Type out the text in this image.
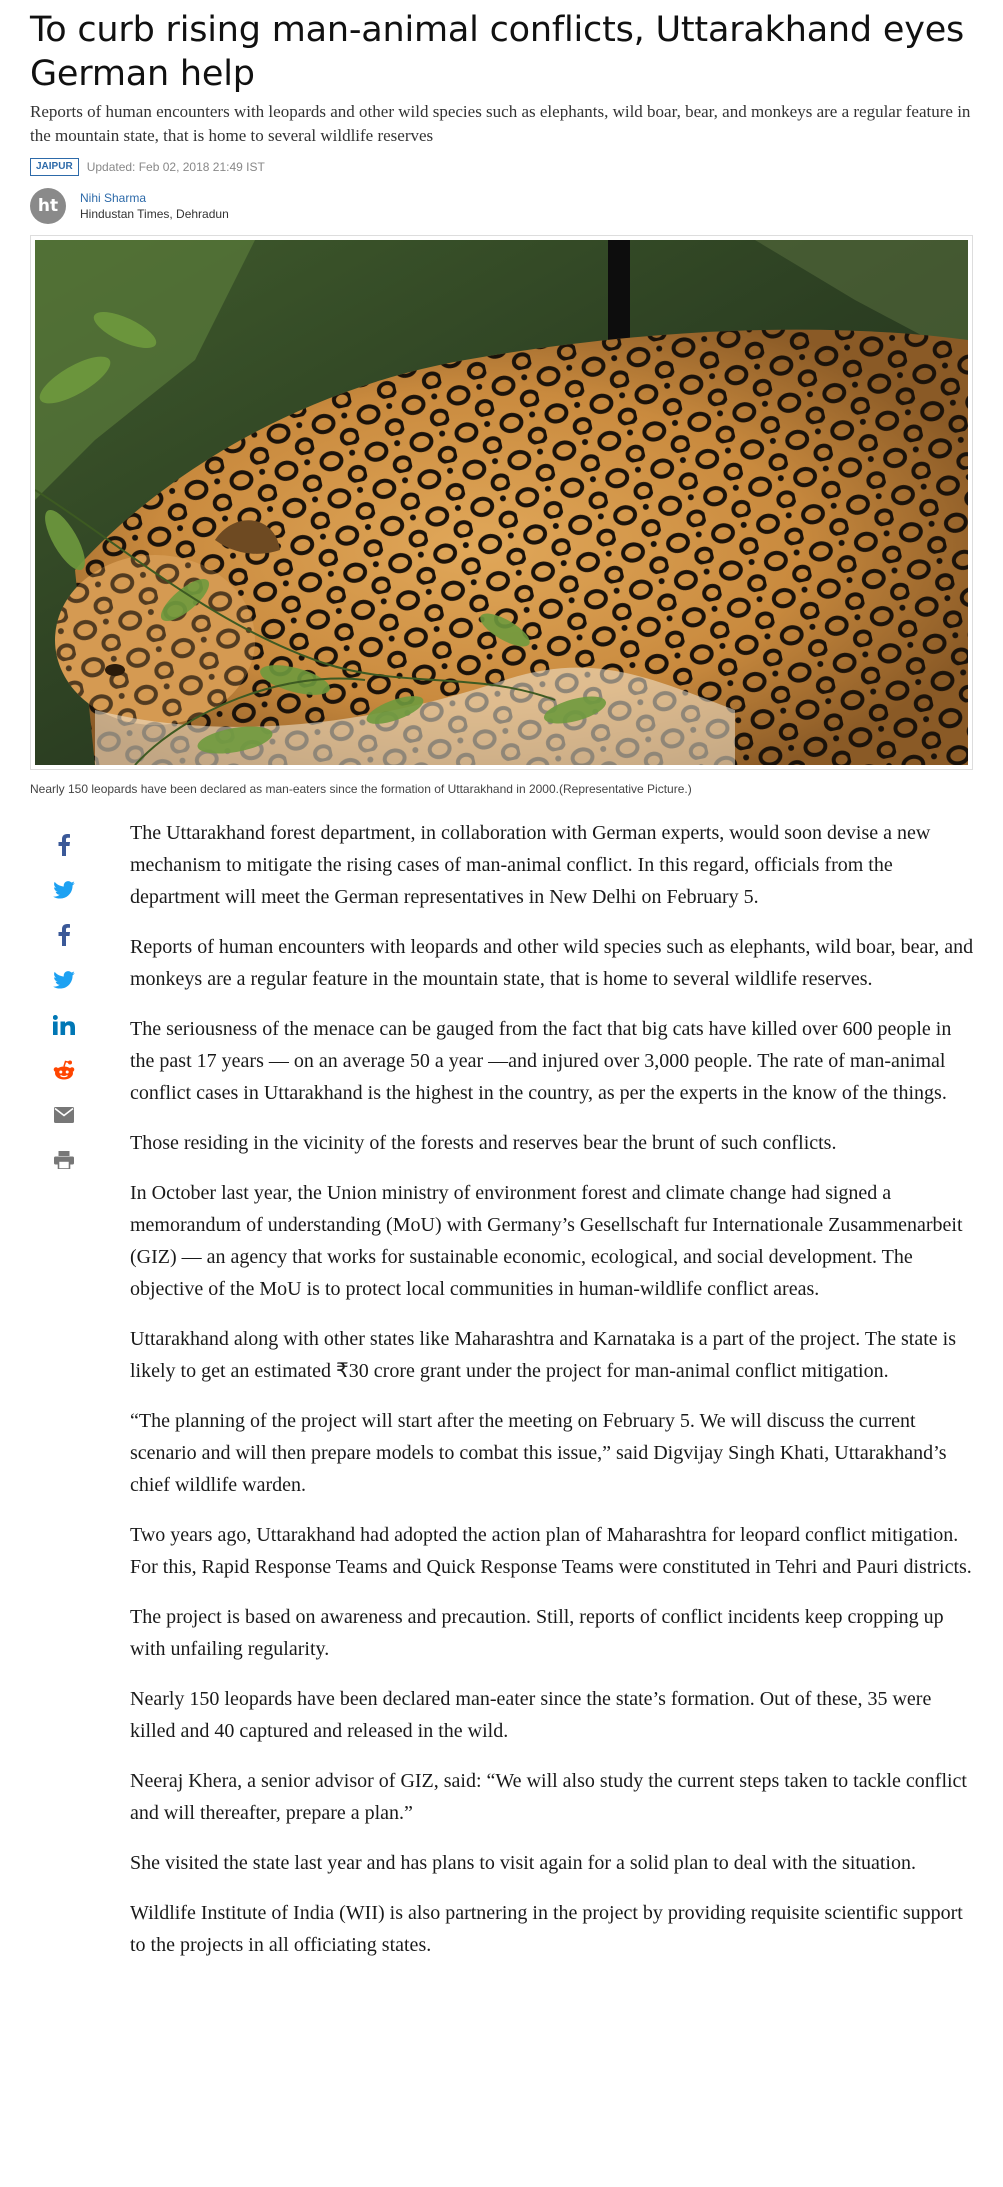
To curb rising man-animal conflicts, Uttarakhand eyes German help

Reports of human encounters with leopards and other wild species such as elephants, wild boar, bear, and monkeys are a regular feature in the mountain state, that is home to several wildlife reserves

JAIPUR	Updated: Feb 02, 2018 21:49 IST
ht	Nihi Sharma
Hindustan Times, Dehradun

Nearly 150 leopards have been declared as man-eaters since the formation of Uttarakhand in 2000.(Representative Picture.)

The Uttarakhand forest department, in collaboration with German experts, would soon devise a new mechanism to mitigate the rising cases of man-animal conflict. In this regard, officials from the department will meet the German representatives in New Delhi on February 5.

Reports of human encounters with leopards and other wild species such as elephants, wild boar, bear, and monkeys are a regular feature in the mountain state, that is home to several wildlife reserves.

The seriousness of the menace can be gauged from the fact that big cats have killed over 600 people in the past 17 years — on an average 50 a year —and injured over 3,000 people. The rate of man-animal conflict cases in Uttarakhand is the highest in the country, as per the experts in the know of the things.

Those residing in the vicinity of the forests and reserves bear the brunt of such conflicts.

In October last year, the Union ministry of environment forest and climate change had signed a memorandum of understanding (MoU) with Germany’s Gesellschaft fur Internationale Zusammenarbeit (GIZ) — an agency that works for sustainable economic, ecological, and social development. The objective of the MoU is to protect local communities in human-wildlife conflict areas.

Uttarakhand along with other states like Maharashtra and Karnataka is a part of the project. The state is likely to get an estimated ₹30 crore grant under the project for man-animal conflict mitigation.

“The planning of the project will start after the meeting on February 5. We will discuss the current scenario and will then prepare models to combat this issue,” said Digvijay Singh Khati, Uttarakhand’s chief wildlife warden.

Two years ago, Uttarakhand had adopted the action plan of Maharashtra for leopard conflict mitigation. For this, Rapid Response Teams and Quick Response Teams were constituted in Tehri and Pauri districts.

The project is based on awareness and precaution. Still, reports of conflict incidents keep cropping up with unfailing regularity.

Nearly 150 leopards have been declared man-eater since the state’s formation. Out of these, 35 were killed and 40 captured and released in the wild.

Neeraj Khera, a senior advisor of GIZ, said: “We will also study the current steps taken to tackle conflict and will thereafter, prepare a plan.”

She visited the state last year and has plans to visit again for a solid plan to deal with the situation.

Wildlife Institute of India (WII) is also partnering in the project by providing requisite scientific support to the projects in all officiating states.
